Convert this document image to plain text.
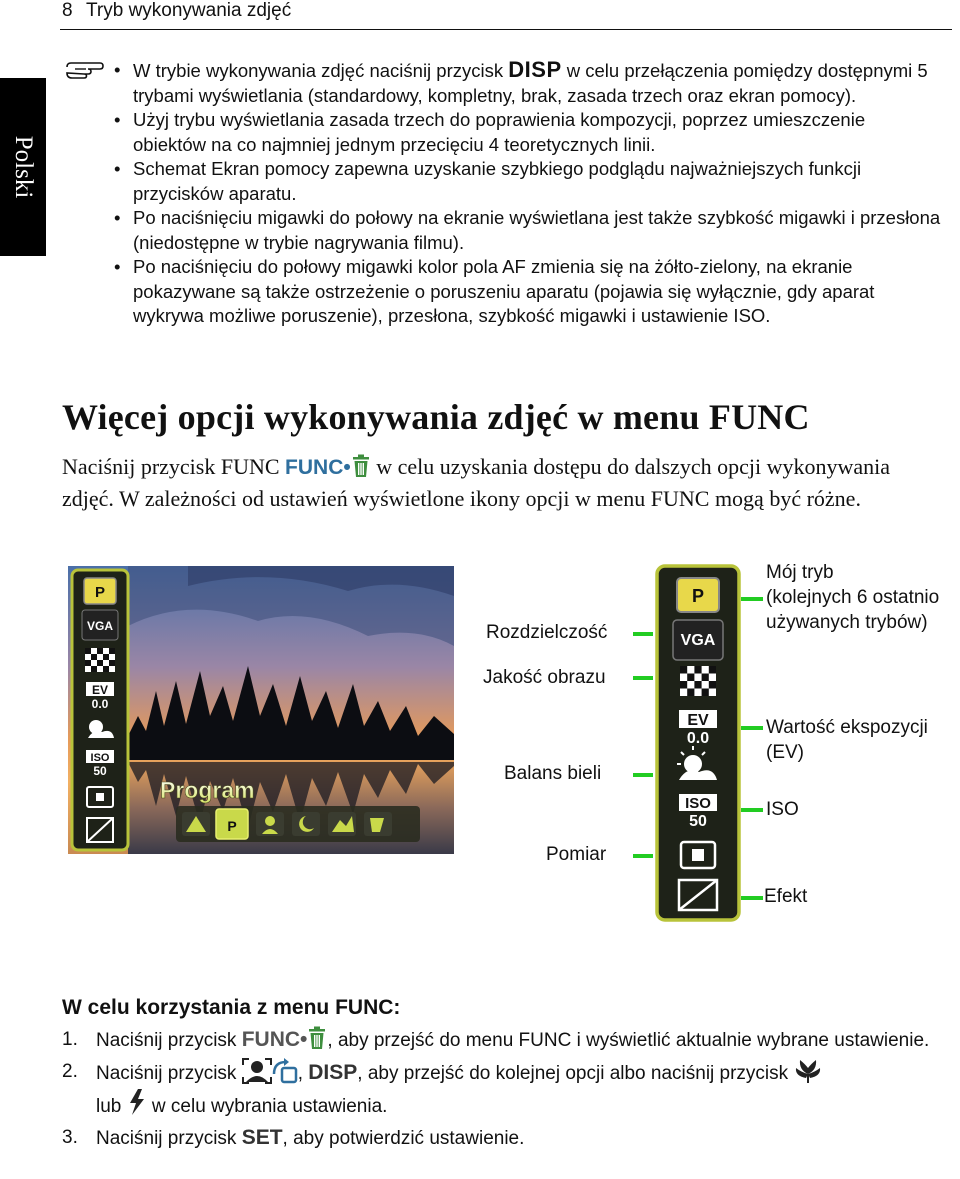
8 Tryb wykonywania zdjęć
Polski
• W trybie wykonywania zdjęć naciśnij przycisk DISP w celu przełączenia pomiędzy dostępnymi 5 trybami wyświetlania (standardowy, kompletny, brak, zasada trzech oraz ekran pomocy).
• Użyj trybu wyświetlania zasada trzech do poprawienia kompozycji, poprzez umieszczenie obiektów na co najmniej jednym przecięciu 4 teoretycznych linii.
• Schemat Ekran pomocy zapewna uzyskanie szybkiego podglądu najważniejszych funkcji przycisków aparatu.
• Po naciśnięciu migawki do połowy na ekranie wyświetlana jest także szybkość migawki i przesłona (niedostępne w trybie nagrywania filmu).
• Po naciśnięciu do połowy migawki kolor pola AF zmienia się na żółto-zielony, na ekranie pokazywane są także ostrzeżenie o poruszeniu aparatu (pojawia się wyłącznie, gdy aparat wykrywa możliwe poruszenie), przesłona, szybkość migawki i ustawienie ISO.
Więcej opcji wykonywania zdjęć w menu FUNC

Naciśnij przycisk FUNC FUNC• w celu uzyskania dostępu do dalszych opcji wykonywania zdjęć. W zależności od ustawień wyświetlone ikony opcji w menu FUNC mogą być różne.

P
VGA
EV
0.0
ISO
50
Program
P
P
VGA
EV
0.0
ISO
50
Rozdzielczość
Jakość obrazu
Balans bieli
Pomiar
Mój tryb
(kolejnych 6 ostatnio
używanych trybów)
Wartość ekspozycji
(EV)
ISO
Efekt
W celu korzystania z menu FUNC:
1. Naciśnij przycisk FUNC• , aby przejść do menu FUNC i wyświetlić aktualnie wybrane ustawienie.
2. Naciśnij przycisk	, DISP, aby przejść do kolejnej opcji albo naciśnij przycisk
lub  w celu wybrania ustawienia.
3. Naciśnij przycisk SET, aby potwierdzić ustawienie.
